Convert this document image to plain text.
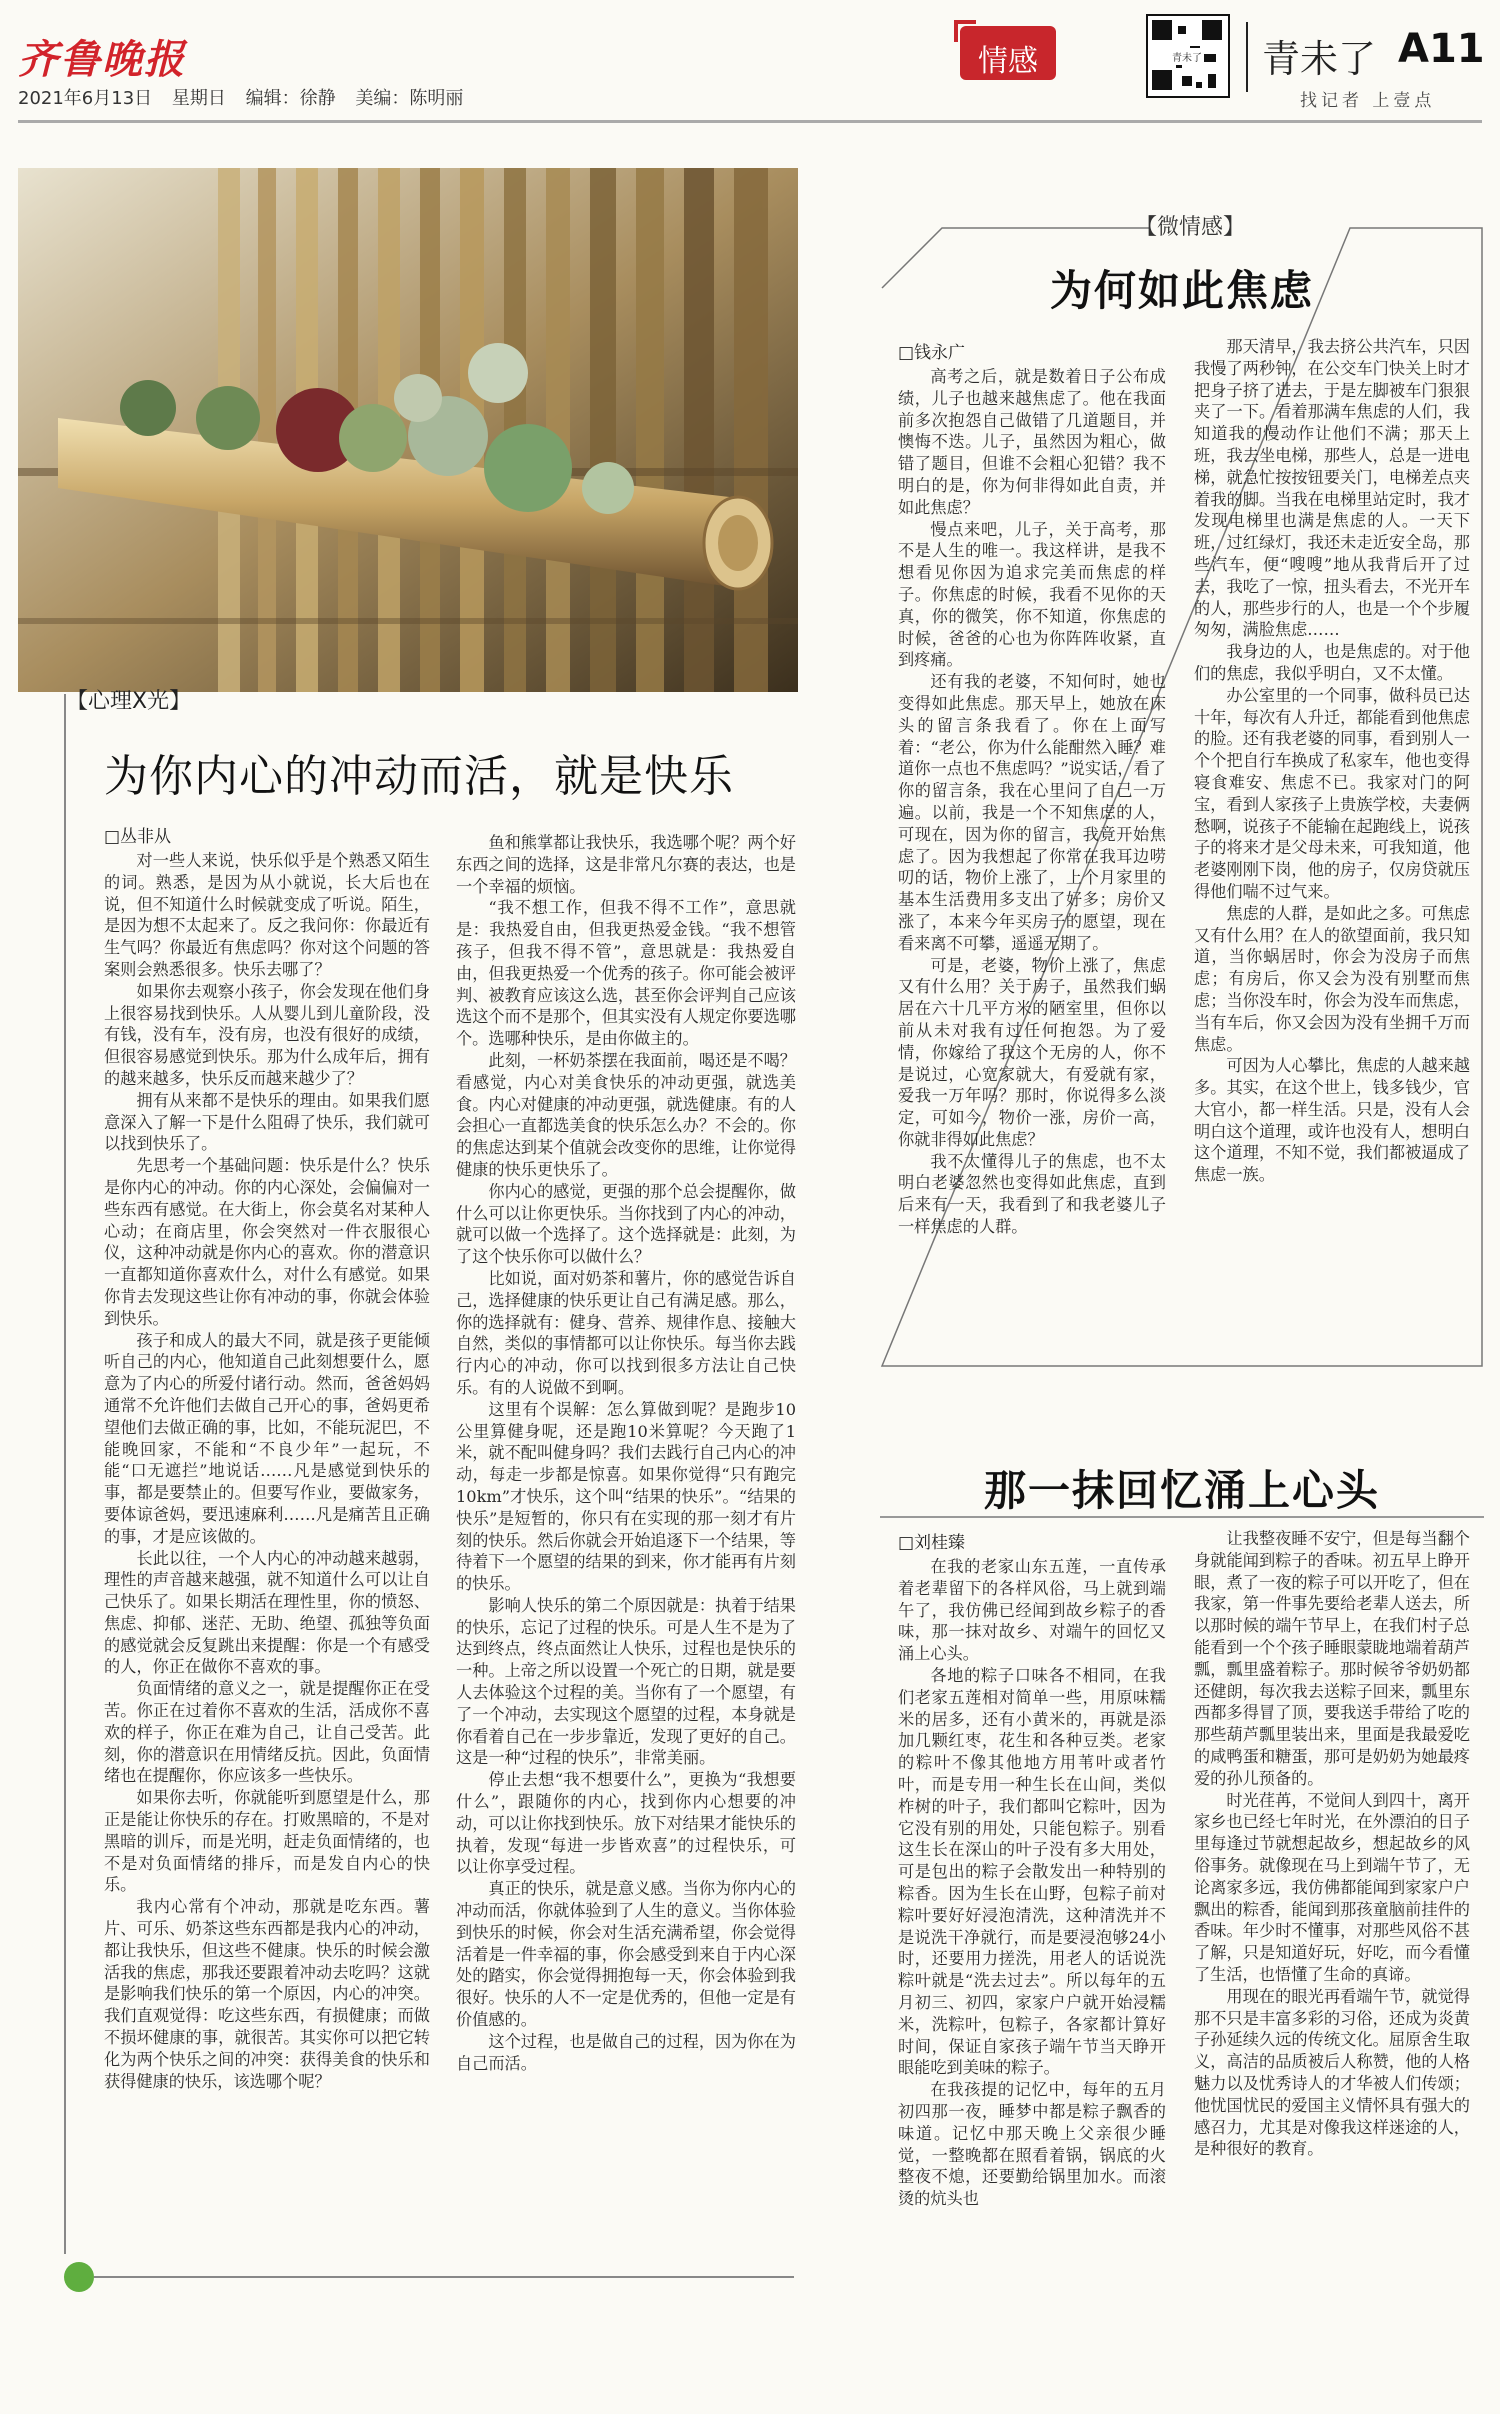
齐鲁晚报
2021年6月13日 星期日 编辑：徐静 美编：陈明丽
情感	青未了 青未了 A11
找记者 上壹点
【心理X光】
为你内心的冲动而活，就是快乐
□丛非从

对一些人来说，快乐似乎是个熟悉又陌生的词。熟悉，是因为从小就说，长大后也在说，但不知道什么时候就变成了听说。陌生，是因为想不太起来了。反之我问你：你最近有生气吗？你最近有焦虑吗？你对这个问题的答案则会熟悉很多。快乐去哪了？

如果你去观察小孩子，你会发现在他们身上很容易找到快乐。人从婴儿到儿童阶段，没有钱，没有车，没有房，也没有很好的成绩，但很容易感觉到快乐。那为什么成年后，拥有的越来越多，快乐反而越来越少了？

拥有从来都不是快乐的理由。如果我们愿意深入了解一下是什么阻碍了快乐，我们就可以找到快乐了。

先思考一个基础问题：快乐是什么？快乐是你内心的冲动。你的内心深处，会偏偏对一些东西有感觉。在大街上，你会莫名对某种人心动；在商店里，你会突然对一件衣服很心仪，这种冲动就是你内心的喜欢。你的潜意识一直都知道你喜欢什么，对什么有感觉。如果你肯去发现这些让你有冲动的事，你就会体验到快乐。

孩子和成人的最大不同，就是孩子更能倾听自己的内心，他知道自己此刻想要什么，愿意为了内心的所爱付诸行动。然而，爸爸妈妈通常不允许他们去做自己开心的事，爸妈更希望他们去做正确的事，比如，不能玩泥巴，不能晚回家，不能和“不良少年”一起玩，不能“口无遮拦”地说话……凡是感觉到快乐的事，都是要禁止的。但要写作业，要做家务，要体谅爸妈，要迅速麻利……凡是痛苦且正确的事，才是应该做的。

长此以往，一个人内心的冲动越来越弱，理性的声音越来越强，就不知道什么可以让自己快乐了。如果长期活在理性里，你的愤怒、焦虑、抑郁、迷茫、无助、绝望、孤独等负面的感觉就会反复跳出来提醒：你是一个有感受的人，你正在做你不喜欢的事。

负面情绪的意义之一，就是提醒你正在受苦。你正在过着你不喜欢的生活，活成你不喜欢的样子，你正在难为自己，让自己受苦。此刻，你的潜意识在用情绪反抗。因此，负面情绪也在提醒你，你应该多一些快乐。

如果你去听，你就能听到愿望是什么，那正是能让你快乐的存在。打败黑暗的，不是对黑暗的训斥，而是光明，赶走负面情绪的，也不是对负面情绪的排斥，而是发自内心的快乐。

我内心常有个冲动，那就是吃东西。薯片、可乐、奶茶这些东西都是我内心的冲动，都让我快乐，但这些不健康。快乐的时候会激活我的焦虑，那我还要跟着冲动去吃吗？这就是影响我们快乐的第一个原因，内心的冲突。我们直观觉得：吃这些东西，有损健康；而做不损坏健康的事，就很苦。其实你可以把它转化为两个快乐之间的冲突：获得美食的快乐和获得健康的快乐，该选哪个呢？

鱼和熊掌都让我快乐，我选哪个呢？两个好东西之间的选择，这是非常凡尔赛的表达，也是一个幸福的烦恼。

“我不想工作，但我不得不工作”，意思就是：我热爱自由，但我更热爱金钱。“我不想管孩子，但我不得不管”，意思就是：我热爱自由，但我更热爱一个优秀的孩子。你可能会被评判、被教育应该这么选，甚至你会评判自己应该选这个而不是那个，但其实没有人规定你要选哪个。选哪种快乐，是由你做主的。

此刻，一杯奶茶摆在我面前，喝还是不喝？看感觉，内心对美食快乐的冲动更强，就选美食。内心对健康的冲动更强，就选健康。有的人会担心一直都选美食的快乐怎么办？不会的。你的焦虑达到某个值就会改变你的思维，让你觉得健康的快乐更快乐了。

你内心的感觉，更强的那个总会提醒你，做什么可以让你更快乐。当你找到了内心的冲动，就可以做一个选择了。这个选择就是：此刻，为了这个快乐你可以做什么？

比如说，面对奶茶和薯片，你的感觉告诉自己，选择健康的快乐更让自己有满足感。那么，你的选择就有：健身、营养、规律作息、接触大自然，类似的事情都可以让你快乐。每当你去践行内心的冲动，你可以找到很多方法让自己快乐。有的人说做不到啊。

这里有个误解：怎么算做到呢？是跑步10公里算健身呢，还是跑10米算呢？今天跑了1米，就不配叫健身吗？我们去践行自己内心的冲动，每走一步都是惊喜。如果你觉得“只有跑完10km”才快乐，这个叫“结果的快乐”。“结果的快乐”是短暂的，你只有在实现的那一刻才有片刻的快乐。然后你就会开始追逐下一个结果，等待着下一个愿望的结果的到来，你才能再有片刻的快乐。

影响人快乐的第二个原因就是：执着于结果的快乐，忘记了过程的快乐。可是人生不是为了达到终点，终点面然让人快乐，过程也是快乐的一种。上帝之所以设置一个死亡的日期，就是要人去体验这个过程的美。当你有了一个愿望，有了一个冲动，去实现这个愿望的过程，本身就是你看着自己在一步步靠近，发现了更好的自己。这是一种“过程的快乐”，非常美丽。

停止去想“我不想要什么”，更换为“我想要什么”，跟随你的内心，找到你内心想要的冲动，可以让你找到快乐。放下对结果才能快乐的执着，发现“每进一步皆欢喜”的过程快乐，可以让你享受过程。

真正的快乐，就是意义感。当你为你内心的冲动而活，你就体验到了人生的意义。当你体验到快乐的时候，你会对生活充满希望，你会觉得活着是一件幸福的事，你会感受到来自于内心深处的踏实，你会觉得拥抱每一天，你会体验到我很好。快乐的人不一定是优秀的，但他一定是有价值感的。

这个过程，也是做自己的过程，因为你在为自己而活。

【微情感】
为何如此焦虑
□钱永广

高考之后，就是数着日子公布成绩，儿子也越来越焦虑了。他在我面前多次抱怨自己做错了几道题目，并懊悔不迭。儿子，虽然因为粗心，做错了题目，但谁不会粗心犯错？我不明白的是，你为何非得如此自责，并如此焦虑？

慢点来吧，儿子，关于高考，那不是人生的唯一。我这样讲，是我不想看见你因为追求完美而焦虑的样子。你焦虑的时候，我看不见你的天真，你的微笑，你不知道，你焦虑的时候，爸爸的心也为你阵阵收紧，直到疼痛。

还有我的老婆，不知何时，她也变得如此焦虑。那天早上，她放在床头的留言条我看了。你在上面写着：“老公，你为什么能酣然入睡？难道你一点也不焦虑吗？”说实话，看了你的留言条，我在心里问了自己一万遍。以前，我是一个不知焦虑的人，可现在，因为你的留言，我竟开始焦虑了。因为我想起了你常在我耳边唠叨的话，物价上涨了，上个月家里的基本生活费用多支出了好多；房价又涨了，本来今年买房子的愿望，现在看来离不可攀，遥遥无期了。

可是，老婆，物价上涨了，焦虑又有什么用？关于房子，虽然我们蜗居在六十几平方米的陋室里，但你以前从未对我有过任何抱怨。为了爱情，你嫁给了我这个无房的人，你不是说过，心宽家就大，有爱就有家，爱我一万年吗？那时，你说得多么淡定，可如今，物价一涨，房价一高，你就非得如此焦虑？

我不太懂得儿子的焦虑，也不太明白老婆忽然也变得如此焦虑，直到后来有一天，我看到了和我老婆儿子一样焦虑的人群。

那天清早，我去挤公共汽车，只因我慢了两秒钟，在公交车门快关上时才把身子挤了进去，于是左脚被车门狠狠夹了一下。看着那满车焦虑的人们，我知道我的慢动作让他们不满；那天上班，我去坐电梯，那些人，总是一进电梯，就急忙按按钮要关门，电梯差点夹着我的脚。当我在电梯里站定时，我才发现电梯里也满是焦虑的人。一天下班，过红绿灯，我还未走近安全岛，那些汽车，便“嗖嗖”地从我背后开了过去，我吃了一惊，扭头看去，不光开车的人，那些步行的人，也是一个个步履匆匆，满脸焦虑……

我身边的人，也是焦虑的。对于他们的焦虑，我似乎明白，又不太懂。

办公室里的一个同事，做科员已达十年，每次有人升迁，都能看到他焦虑的脸。还有我老婆的同事，看到别人一个个把自行车换成了私家车，他也变得寝食难安、焦虑不已。我家对门的阿宝，看到人家孩子上贵族学校，夫妻俩愁啊，说孩子不能输在起跑线上，说孩子的将来才是父母未来，可我知道，他老婆刚刚下岗，他的房子，仅房贷就压得他们喘不过气来。

焦虑的人群，是如此之多。可焦虑又有什么用？在人的欲望面前，我只知道，当你蜗居时，你会为没房子而焦虑；有房后，你又会为没有别墅而焦虑；当你没车时，你会为没车而焦虑，当有车后，你又会因为没有坐拥千万而焦虑。

可因为人心攀比，焦虑的人越来越多。其实，在这个世上，钱多钱少，官大官小，都一样生活。只是，没有人会明白这个道理，或许也没有人，想明白这个道理，不知不觉，我们都被逼成了焦虑一族。

那一抹回忆涌上心头
□刘桂臻

在我的老家山东五莲，一直传承着老辈留下的各样风俗，马上就到端午了，我仿佛已经闻到故乡粽子的香味，那一抹对故乡、对端午的回忆又涌上心头。

各地的粽子口味各不相同，在我们老家五莲相对简单一些，用原味糯米的居多，还有小黄米的，再就是添加几颗红枣，花生和各种豆类。老家的粽叶不像其他地方用苇叶或者竹叶，而是专用一种生长在山间，类似柞树的叶子，我们都叫它粽叶，因为它没有别的用处，只能包粽子。别看这生长在深山的叶子没有多大用处，可是包出的粽子会散发出一种特别的粽香。因为生长在山野，包粽子前对粽叶要好好浸泡清洗，这种清洗并不是说洗干净就行，而是要浸泡够24小时，还要用力搓洗，用老人的话说洗粽叶就是“洗去过去”。所以每年的五月初三、初四，家家户户就开始浸糯米，洗粽叶，包粽子，各家都计算好时间，保证自家孩子端午节当天睁开眼能吃到美味的粽子。

在我孩提的记忆中，每年的五月初四那一夜，睡梦中都是粽子飘香的味道。记忆中那天晚上父亲很少睡觉，一整晚都在照看着锅，锅底的火整夜不熄，还要勤给锅里加水。而滚烫的炕头也

让我整夜睡不安宁，但是每当翻个身就能闻到粽子的香味。初五早上睁开眼，煮了一夜的粽子可以开吃了，但在我家，第一件事先要给老辈人送去，所以那时候的端午节早上，在我们村子总能看到一个个孩子睡眼蒙眬地端着葫芦瓢，瓢里盛着粽子。那时候爷爷奶奶都还健朗，每次我去送粽子回来，瓢里东西都多得冒了顶，要我送手带给了吃的那些葫芦瓢里装出来，里面是我最爱吃的咸鸭蛋和糖蛋，那可是奶奶为她最疼爱的孙儿预备的。

时光荏苒，不觉间人到四十，离开家乡也已经七年时光，在外漂泊的日子里每逢过节就想起故乡，想起故乡的风俗事务。就像现在马上到端午节了，无论离家多远，我仿佛都能闻到家家户户飘出的粽香，能闻到那孩童脑前挂件的香味。年少时不懂事，对那些风俗不甚了解，只是知道好玩，好吃，而今看懂了生活，也悟懂了生命的真谛。

用现在的眼光再看端午节，就觉得那不只是丰富多彩的习俗，还成为炎黄子孙延续久远的传统文化。屈原舍生取义，高洁的品质被后人称赞，他的人格魅力以及忧秀诗人的才华被人们传颂；他忧国忧民的爱国主义情怀具有强大的感召力，尤其是对像我这样迷途的人，是种很好的教育。
